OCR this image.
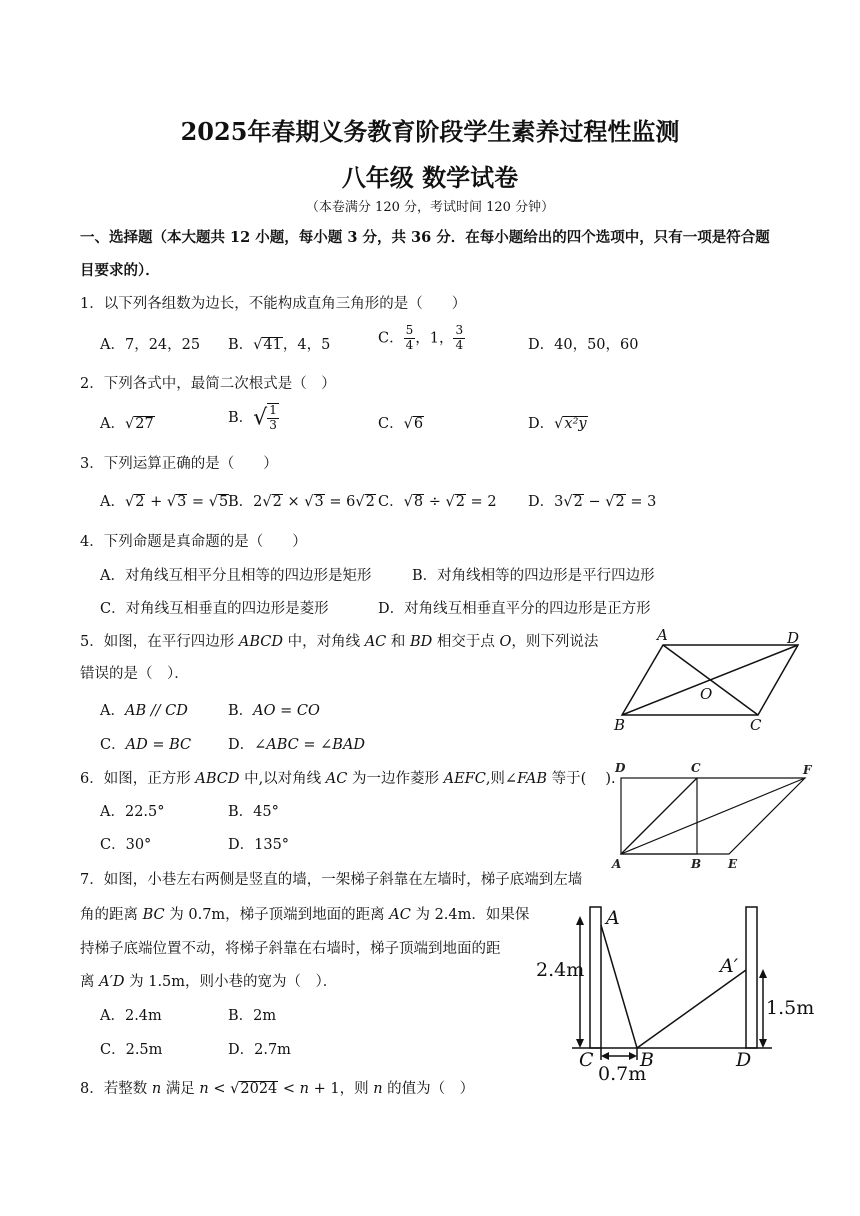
2025年春期义务教育阶段学生素养过程性监测
八年级 数学试卷
（本卷满分 120 分，考试时间 120 分钟）
一、选择题（本大题共 12 小题，每小题 3 分，共 36 分．在每小题给出的四个选项中，只有一项是符合题
目要求的）．
1．以下列各组数为边长，不能构成直角三角形的是（　　）
A．7，24，25 B．√41，4，5	C． $\frac{5}{4}$ ，1， $\frac{3}{4}$	D．40，50，60
2．下列各式中，最简二次根式是（　）
A．√27	B．√ $\frac{1}{3}$	C．√6	D．√x²y
3．下列运算正确的是（　　）
A．√2 + √3 = √5 B．2√2 × √3 = 6√2 C．√8 ÷ √2 = 2 D．3√2 − √2 = 3
4．下列命题是真命题的是（　　）
A．对角线互相平分且相等的四边形是矩形	B．对角线相等的四边形是平行四边形
C．对角线互相垂直的四边形是菱形	D．对角线互相垂直平分的四边形是正方形
5．如图，在平行四边形 ABCD 中，对角线 AC 和 BD 相交于点 O，则下列说法
错误的是（　）．
A．AB // CD	B．AO = CO
C．AD = BC	D．∠ABC = ∠BAD
A	D
B	C
O
6．如图，正方形 ABCD 中,以对角线 AC 为一边作菱形 AEFC,则∠FAB 等于(　 ).
A．22.5°	B．45°
C．30°	D．135°
D	C	F
A	B E
7．如图，小巷左右两侧是竖直的墙，一架梯子斜靠在左墙时，梯子底端到左墙
角的距离 BC 为 0.7m，梯子顶端到地面的距离 AC 为 2.4m．如果保
持梯子底端位置不动，将梯子斜靠在右墙时，梯子顶端到地面的距
离 A′D 为 1.5m，则小巷的宽为（　）．
A．2.4m	B．2m
C．2.5m	D．2.7m
2.4m
1.5m
0.7m
A
A′
C B	D
8．若整数 n 满足 n < √2024 < n + 1，则 n 的值为（　）
